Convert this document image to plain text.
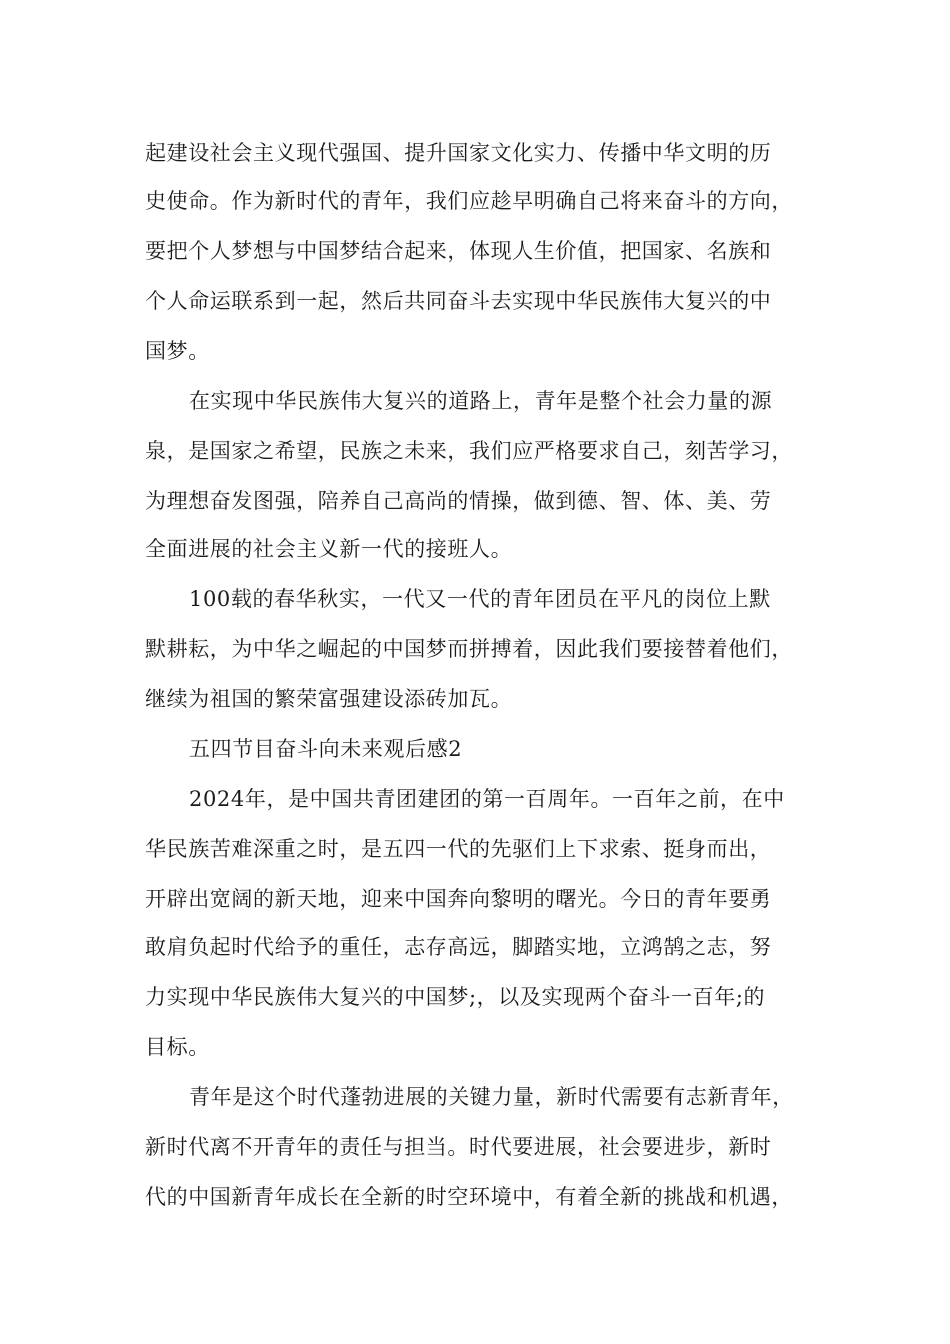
起建设社会主义现代强国、提升国家文化实力、传播中华文明的历
史使命。作为新时代的青年，我们应趁早明确自己将来奋斗的方向，
要把个人梦想与中国梦结合起来，体现人生价值，把国家、名族和
个人命运联系到一起，然后共同奋斗去实现中华民族伟大复兴的中
国梦。
在实现中华民族伟大复兴的道路上，青年是整个社会力量的源
泉，是国家之希望，民族之未来，我们应严格要求自己，刻苦学习，
为理想奋发图强，陪养自己高尚的情操，做到德、智、体、美、劳
全面进展的社会主义新一代的接班人。
100载的春华秋实，一代又一代的青年团员在平凡的岗位上默
默耕耘，为中华之崛起的中国梦而拼搏着，因此我们要接替着他们，
继续为祖国的繁荣富强建设添砖加瓦。
五四节目奋斗向未来观后感2
2024年，是中国共青团建团的第一百周年。一百年之前，在中
华民族苦难深重之时，是五四一代的先驱们上下求索、挺身而出，
开辟出宽阔的新天地，迎来中国奔向黎明的曙光。今日的青年要勇
敢肩负起时代给予的重任，志存高远，脚踏实地，立鸿鹄之志，努
力实现中华民族伟大复兴的中国梦;，以及实现两个奋斗一百年;的
目标。
青年是这个时代蓬勃进展的关键力量，新时代需要有志新青年，
新时代离不开青年的责任与担当。时代要进展，社会要进步，新时
代的中国新青年成长在全新的时空环境中，有着全新的挑战和机遇，
